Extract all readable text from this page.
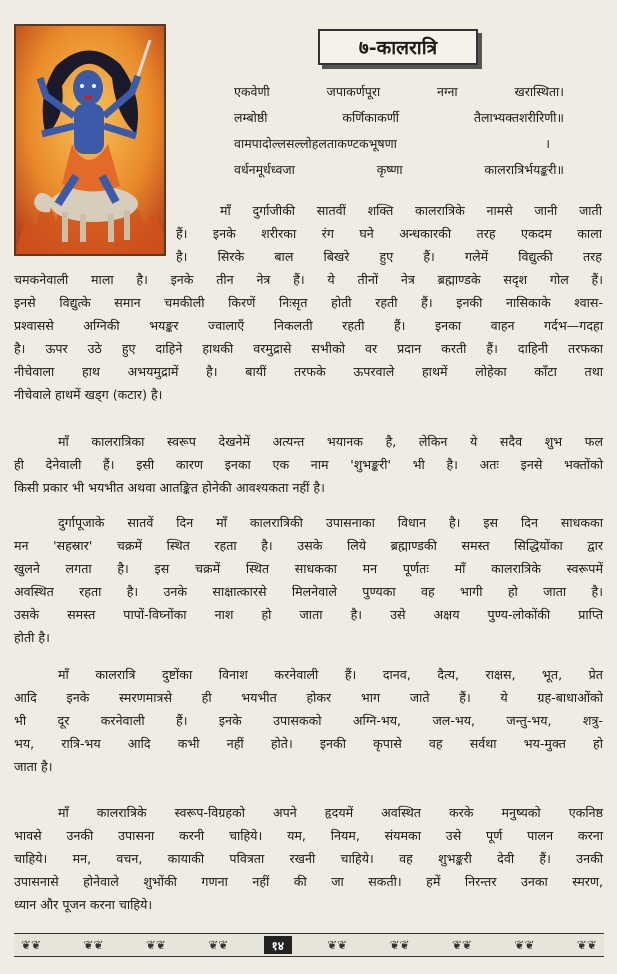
७-कालरात्रि
एकवेणी	जपाकर्णपूरा	नग्ना	खरास्थिता।
लम्बोष्ठी	कर्णिकाकर्णी	तैलाभ्यक्तशरीरिणी॥
वामपादोल्लसल्लोहलताकण्टकभूषणा	।
वर्धनमूर्धध्वजा	कृष्णा	कालरात्रिर्भयङ्करी॥

माँ दुर्गाजीकी सातवीं शक्ति कालरात्रिके नामसे जानी जाती

हैं। इनके शरीरका रंग घने अन्धकारकी तरह एकदम काला

है। सिरके बाल बिखरे हुए हैं। गलेमें विद्युत्की तरह

चमकनेवाली माला है। इनके तीन नेत्र हैं। ये तीनों नेत्र ब्रह्माण्डके सदृश गोल हैं।

इनसे विद्युत्के समान चमकीली किरणें निःसृत होती रहती हैं। इनकी नासिकाके श्वास-

प्रश्वाससे अग्निकी भयङ्कर ज्वालाएँ निकलती रहती हैं। इनका वाहन गर्दभ—गदहा

है। ऊपर उठे हुए दाहिने हाथकी वरमुद्रासे सभीको वर प्रदान करती हैं। दाहिनी तरफका

नीचेवाला हाथ अभयमुद्रामें है। बायीं तरफके ऊपरवाले हाथमें लोहेका काँटा तथा

नीचेवाले हाथमें खड्ग (कटार) है।

माँ कालरात्रिका स्वरूप देखनेमें अत्यन्त भयानक है, लेकिन ये सदैव शुभ फल

ही देनेवाली हैं। इसी कारण इनका एक नाम 'शुभङ्करी' भी है। अतः इनसे भक्तोंको

किसी प्रकार भी भयभीत अथवा आतङ्कित होनेकी आवश्यकता नहीं है।

दुर्गापूजाके सातवें दिन माँ कालरात्रिकी उपासनाका विधान है। इस दिन साधकका

मन 'सहस्रार' चक्रमें स्थित रहता है। उसके लिये ब्रह्माण्डकी समस्त सिद्धियोंका द्वार

खुलने लगता है। इस चक्रमें स्थित साधकका मन पूर्णतः माँ कालरात्रिके स्वरूपमें

अवस्थित रहता है। उनके साक्षात्कारसे मिलनेवाले पुण्यका वह भागी हो जाता है।

उसके समस्त पापों-विघ्नोंका नाश हो जाता है। उसे अक्षय पुण्य-लोकोंकी प्राप्ति

होती है।

माँ कालरात्रि दुष्टोंका विनाश करनेवाली हैं। दानव, दैत्य, राक्षस, भूत, प्रेत

आदि इनके स्मरणमात्रसे ही भयभीत होकर भाग जाते हैं। ये ग्रह-बाधाओंको

भी दूर करनेवाली हैं। इनके उपासकको अग्नि-भय, जल-भय, जन्तु-भय, शत्रु-

भय, रात्रि-भय आदि कभी नहीं होते। इनकी कृपासे वह सर्वथा भय-मुक्त हो

जाता है।

माँ कालरात्रिके स्वरूप-विग्रहको अपने हृदयमें अवस्थित करके मनुष्यको एकनिष्ठ

भावसे उनकी उपासना करनी चाहिये। यम, नियम, संयमका उसे पूर्ण पालन करना

चाहिये। मन, वचन, कायाकी पवित्रता रखनी चाहिये। वह शुभङ्करी देवी हैं। उनकी

उपासनासे होनेवाले शुभोंकी गणना नहीं की जा सकती। हमें निरन्तर उनका स्मरण,

ध्यान और पूजन करना चाहिये।

❦❦	❦❦	❦❦	❦❦	१४	❦❦	❦❦	❦❦	❦❦	❦❦
